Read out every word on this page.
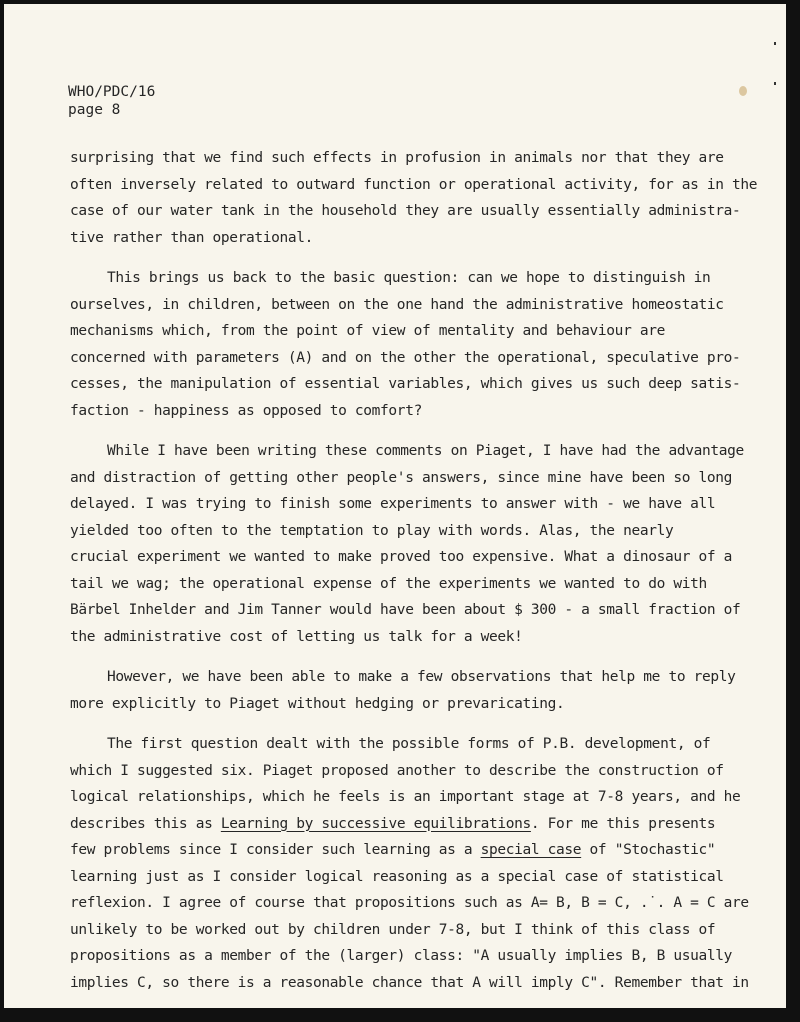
WHO/PDC/16
page 8
surprising that we find such effects in profusion in animals nor that they are
often inversely related to outward function or operational activity, for as in the
case of our water tank in the household they are usually essentially administra-
tive rather than operational.
This brings us back to the basic question: can we hope to distinguish in
ourselves, in children, between on the one hand the administrative homeostatic
mechanisms which, from the point of view of mentality and behaviour are
concerned with parameters (A) and on the other the operational, speculative pro-
cesses, the manipulation of essential variables, which gives us such deep satis-
faction - happiness as opposed to comfort?
While I have been writing these comments on Piaget, I have had the advantage
and distraction of getting other people's answers, since mine have been so long
delayed. I was trying to finish some experiments to answer with - we have all
yielded too often to the temptation to play with words. Alas, the nearly
crucial experiment we wanted to make proved too expensive. What a dinosaur of a
tail we wag; the operational expense of the experiments we wanted to do with
Bärbel Inhelder and Jim Tanner would have been about $ 300 - a small fraction of
the administrative cost of letting us talk for a week!
However, we have been able to make a few observations that help me to reply
more explicitly to Piaget without hedging or prevaricating.
The first question dealt with the possible forms of P.B. development, of
which I suggested six. Piaget proposed another to describe the construction of
logical relationships, which he feels is an important stage at 7-8 years, and he
describes this as Learning by successive equilibrations. For me this presents
few problems since I consider such learning as a special case of "Stochastic"
learning just as I consider logical reasoning as a special case of statistical
reflexion. I agree of course that propositions such as A= B, B = C, .˙. A = C are
unlikely to be worked out by children under 7-8, but I think of this class of
propositions as a member of the (larger) class: "A usually implies B, B usually
implies C, so there is a reasonable chance that A will imply C". Remember that in
